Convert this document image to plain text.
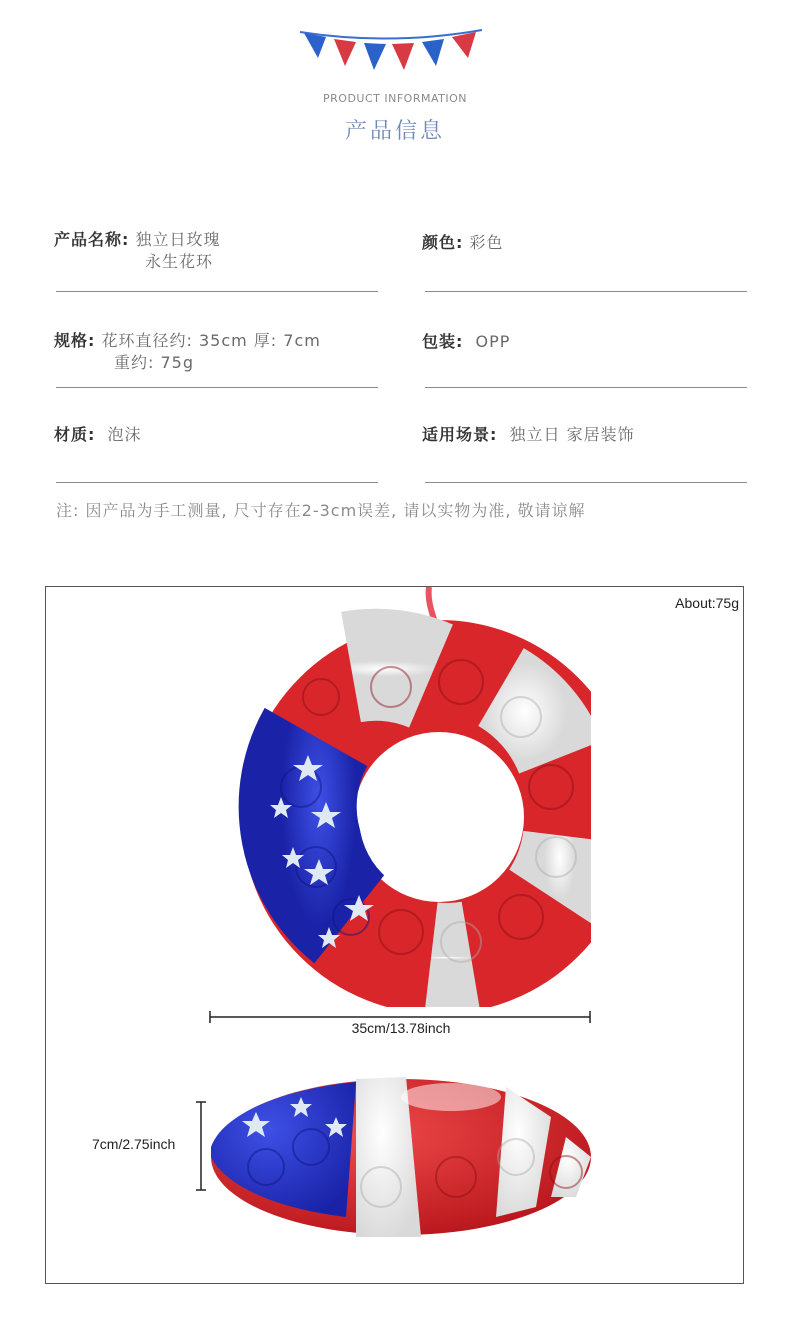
PRODUCT INFORMATION
产品信息
产品名称: 独立日玫瑰
永生花环
颜色: 彩色
规格: 花环直径约: 35cm 厚: 7cm
重约: 75g
包装: OPP
材质: 泡沫	适用场景: 独立日 家居装饰
注: 因产品为手工测量, 尺寸存在2-3cm误差, 请以实物为准, 敬请谅解
About:75g
35cm/13.78inch
7cm/2.75inch
